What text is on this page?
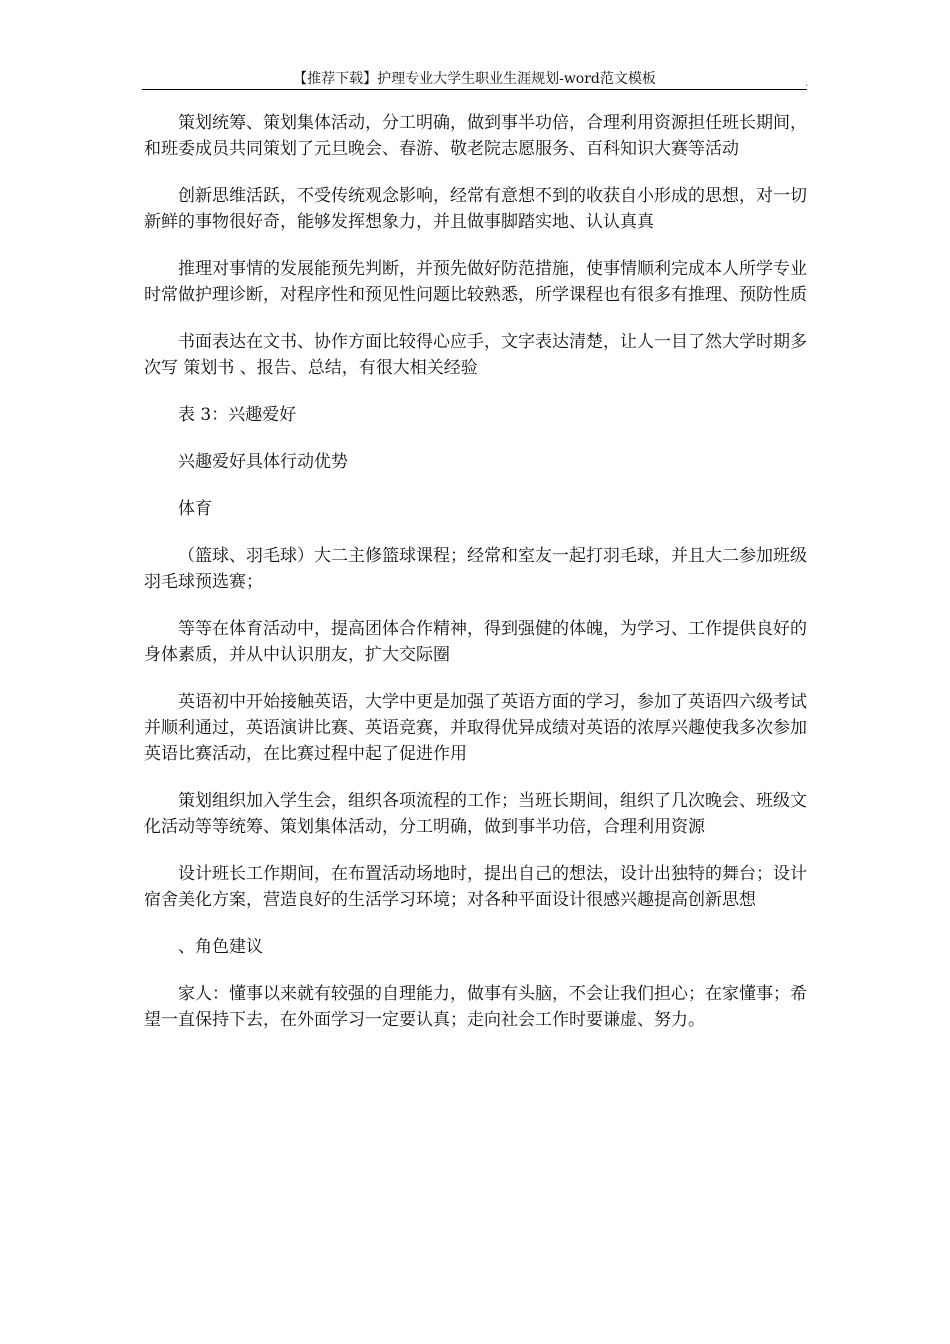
【推荐下载】护理专业大学生职业生涯规划-word范文模板	.

策划统筹、策划集体活动，分工明确，做到事半功倍，合理利用资源担任班长期间，和班委成员共同策划了元旦晚会、春游、敬老院志愿服务、百科知识大赛等活动

创新思维活跃，不受传统观念影响，经常有意想不到的收获自小形成的思想，对一切新鲜的事物很好奇，能够发挥想象力，并且做事脚踏实地、认认真真

推理对事情的发展能预先判断，并预先做好防范措施，使事情顺利完成本人所学专业时常做护理诊断，对程序性和预见性问题比较熟悉，所学课程也有很多有推理、预防性质

书面表达在文书、协作方面比较得心应手，文字表达清楚，让人一目了然大学时期多次写 策划书 、报告、总结，有很大相关经验

表 3：兴趣爱好

兴趣爱好具体行动优势

体育

（篮球、羽毛球）大二主修篮球课程；经常和室友一起打羽毛球，并且大二参加班级羽毛球预选赛；

等等在体育活动中，提高团体合作精神，得到强健的体魄，为学习、工作提供良好的身体素质，并从中认识朋友，扩大交际圈

英语初中开始接触英语，大学中更是加强了英语方面的学习，参加了英语四六级考试并顺利通过，英语演讲比赛、英语竞赛，并取得优异成绩对英语的浓厚兴趣使我多次参加英语比赛活动，在比赛过程中起了促进作用

策划组织加入学生会，组织各项流程的工作；当班长期间，组织了几次晚会、班级文化活动等等统筹、策划集体活动，分工明确，做到事半功倍，合理利用资源

设计班长工作期间，在布置活动场地时，提出自己的想法，设计出独特的舞台；设计宿舍美化方案，营造良好的生活学习环境；对各种平面设计很感兴趣提高创新思想

、角色建议

家人：懂事以来就有较强的自理能力，做事有头脑，不会让我们担心；在家懂事；希望一直保持下去，在外面学习一定要认真；走向社会工作时要谦虚、努力。
